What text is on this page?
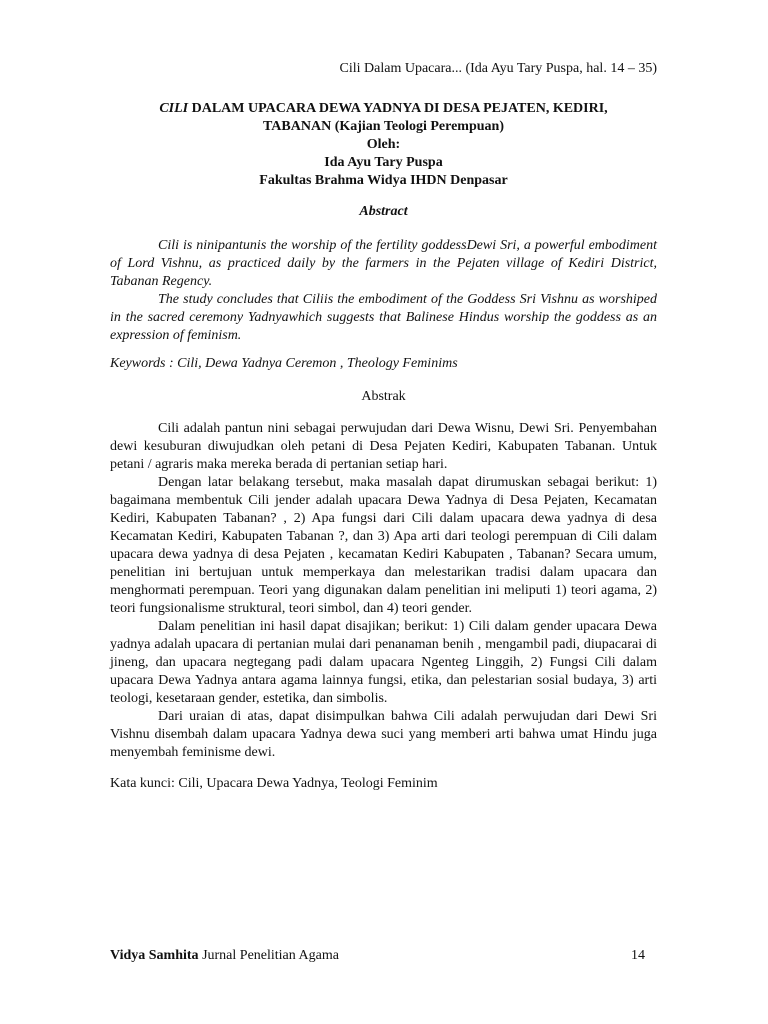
Cili Dalam Upacara... (Ida Ayu Tary Puspa, hal. 14 – 35)
CILI DALAM UPACARA DEWA YADNYA DI DESA PEJATEN, KEDIRI,
TABANAN (Kajian Teologi Perempuan)
Oleh:
Ida Ayu Tary Puspa
Fakultas Brahma Widya IHDN Denpasar
Abstract

Cili is ninipantunis the worship of the fertility goddessDewi Sri, a powerful embodiment of Lord Vishnu, as practiced daily by the farmers in the Pejaten village of Kediri District, Tabanan Regency.

The study concludes that Ciliis the embodiment of the Goddess Sri Vishnu as worshiped in the sacred ceremony Yadnyawhich suggests that Balinese Hindus worship the goddess as an expression of feminism.

Keywords : Cili, Dewa Yadnya Ceremon , Theology Feminims
Abstrak

Cili adalah pantun nini sebagai perwujudan dari Dewa Wisnu, Dewi Sri. Penyembahan dewi kesuburan diwujudkan oleh petani di Desa Pejaten Kediri, Kabupaten Tabanan. Untuk petani / agraris maka mereka berada di pertanian setiap hari.

Dengan latar belakang tersebut, maka masalah dapat dirumuskan sebagai berikut: 1) bagaimana membentuk Cili jender adalah upacara Dewa Yadnya di Desa Pejaten, Kecamatan Kediri, Kabupaten Tabanan? , 2) Apa fungsi dari Cili dalam upacara dewa yadnya di desa Kecamatan Kediri, Kabupaten Tabanan ?, dan 3) Apa arti dari teologi perempuan di Cili dalam upacara dewa yadnya di desa Pejaten , kecamatan Kediri Kabupaten , Tabanan? Secara umum, penelitian ini bertujuan untuk memperkaya dan melestarikan tradisi dalam upacara dan menghormati perempuan. Teori yang digunakan dalam penelitian ini meliputi 1) teori agama, 2) teori fungsionalisme struktural, teori simbol, dan 4) teori gender.

Dalam penelitian ini hasil dapat disajikan; berikut: 1) Cili dalam gender upacara Dewa yadnya adalah upacara di pertanian mulai dari penanaman benih , mengambil padi, diupacarai di jineng, dan upacara negtegang padi dalam upacara Ngenteg Linggih, 2) Fungsi Cili dalam upacara Dewa Yadnya antara agama lainnya fungsi, etika, dan pelestarian sosial budaya, 3) arti teologi, kesetaraan gender, estetika, dan simbolis.

Dari uraian di atas, dapat disimpulkan bahwa Cili adalah perwujudan dari Dewi Sri Vishnu disembah dalam upacara Yadnya dewa suci yang memberi arti bahwa umat Hindu juga menyembah feminisme dewi.

Kata kunci: Cili, Upacara Dewa Yadnya, Teologi Feminim
Vidya Samhita Jurnal Penelitian Agama	14
